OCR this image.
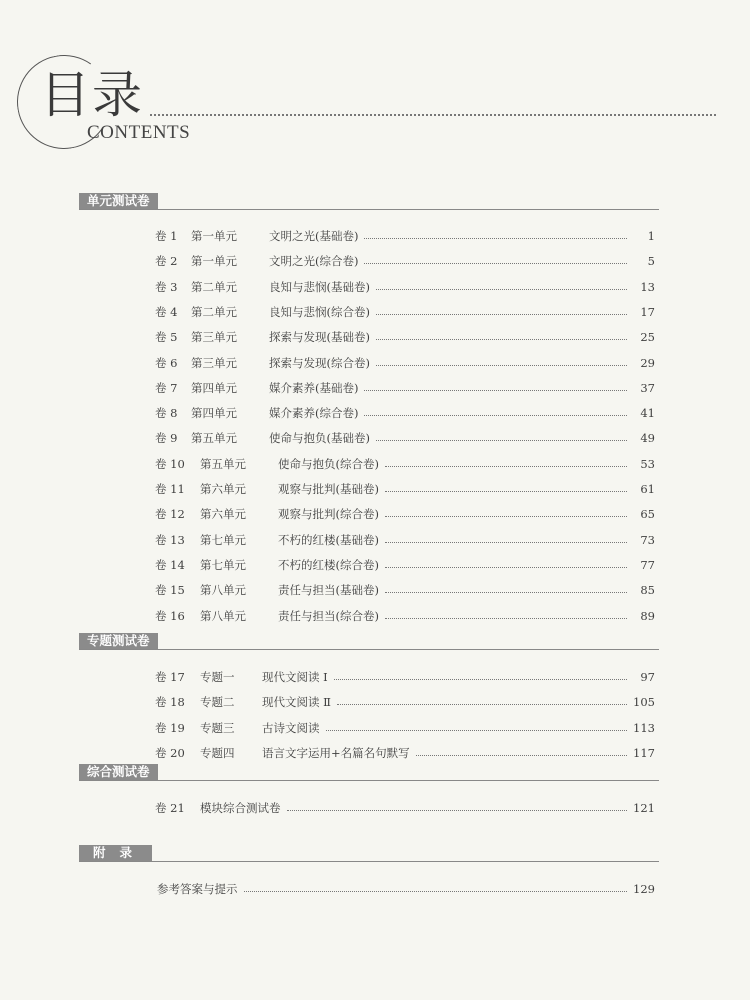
目录
CONTENTS
单元测试卷
专题测试卷
综合测试卷
附录
卷 1	第一单元	文明之光(基础卷)	1
卷 2	第一单元	文明之光(综合卷)	5
卷 3	第二单元	良知与悲悯(基础卷)	13
卷 4	第二单元	良知与悲悯(综合卷)	17
卷 5	第三单元	探索与发现(基础卷)	25
卷 6	第三单元	探索与发现(综合卷)	29
卷 7	第四单元	媒介素养(基础卷)	37
卷 8	第四单元	媒介素养(综合卷)	41
卷 9	第五单元	使命与抱负(基础卷)	49
卷 10	第五单元	使命与抱负(综合卷)	53
卷 11	第六单元	观察与批判(基础卷)	61
卷 12	第六单元	观察与批判(综合卷)	65
卷 13	第七单元	不朽的红楼(基础卷)	73
卷 14	第七单元	不朽的红楼(综合卷)	77
卷 15	第八单元	责任与担当(基础卷)	85
卷 16	第八单元	责任与担当(综合卷)	89
卷 17	专题一	现代文阅读 Ⅰ	97
卷 18	专题二	现代文阅读 Ⅱ	105
卷 19	专题三	古诗文阅读	113
卷 20	专题四	语言文字运用+名篇名句默写	117
卷 21	模块综合测试卷	121
参考答案与提示	129
